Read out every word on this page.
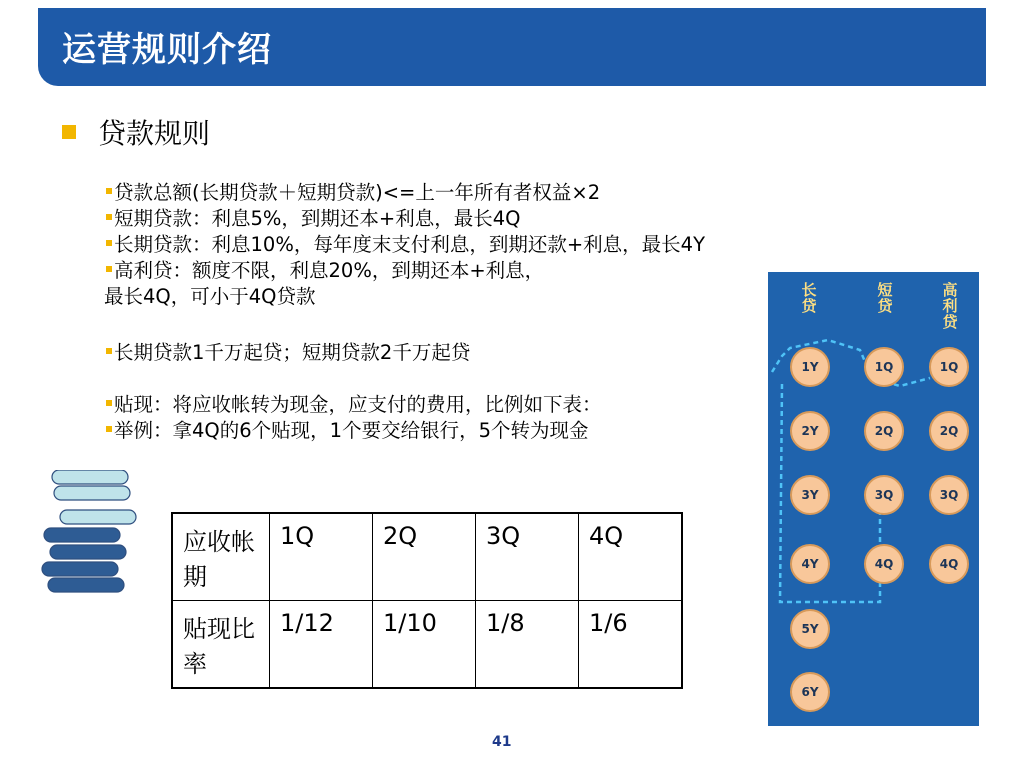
运营规则介绍
贷款规则
贷款总额(长期贷款＋短期贷款)<=上一年所有者权益×2
短期贷款：利息5%，到期还本+利息，最长4Q
长期贷款：利息10%，每年度末支付利息，到期还款+利息，最长4Y
高利贷：额度不限，利息20%，到期还本+利息，
最长4Q，可小于4Q贷款
长期贷款1千万起贷；短期贷款2千万起贷
贴现：将应收帐转为现金，应支付的费用，比例如下表：
举例：拿4Q的6个贴现，1个要交给银行，5个转为现金
应收帐期	1Q	2Q	3Q	4Q
贴现比率	1/12	1/10	1/8	1/6
长贷
短贷
高利贷
1Y
2Y
3Y
4Y
5Y
6Y
1Q
2Q
3Q
4Q
1Q
2Q
3Q
4Q
41
